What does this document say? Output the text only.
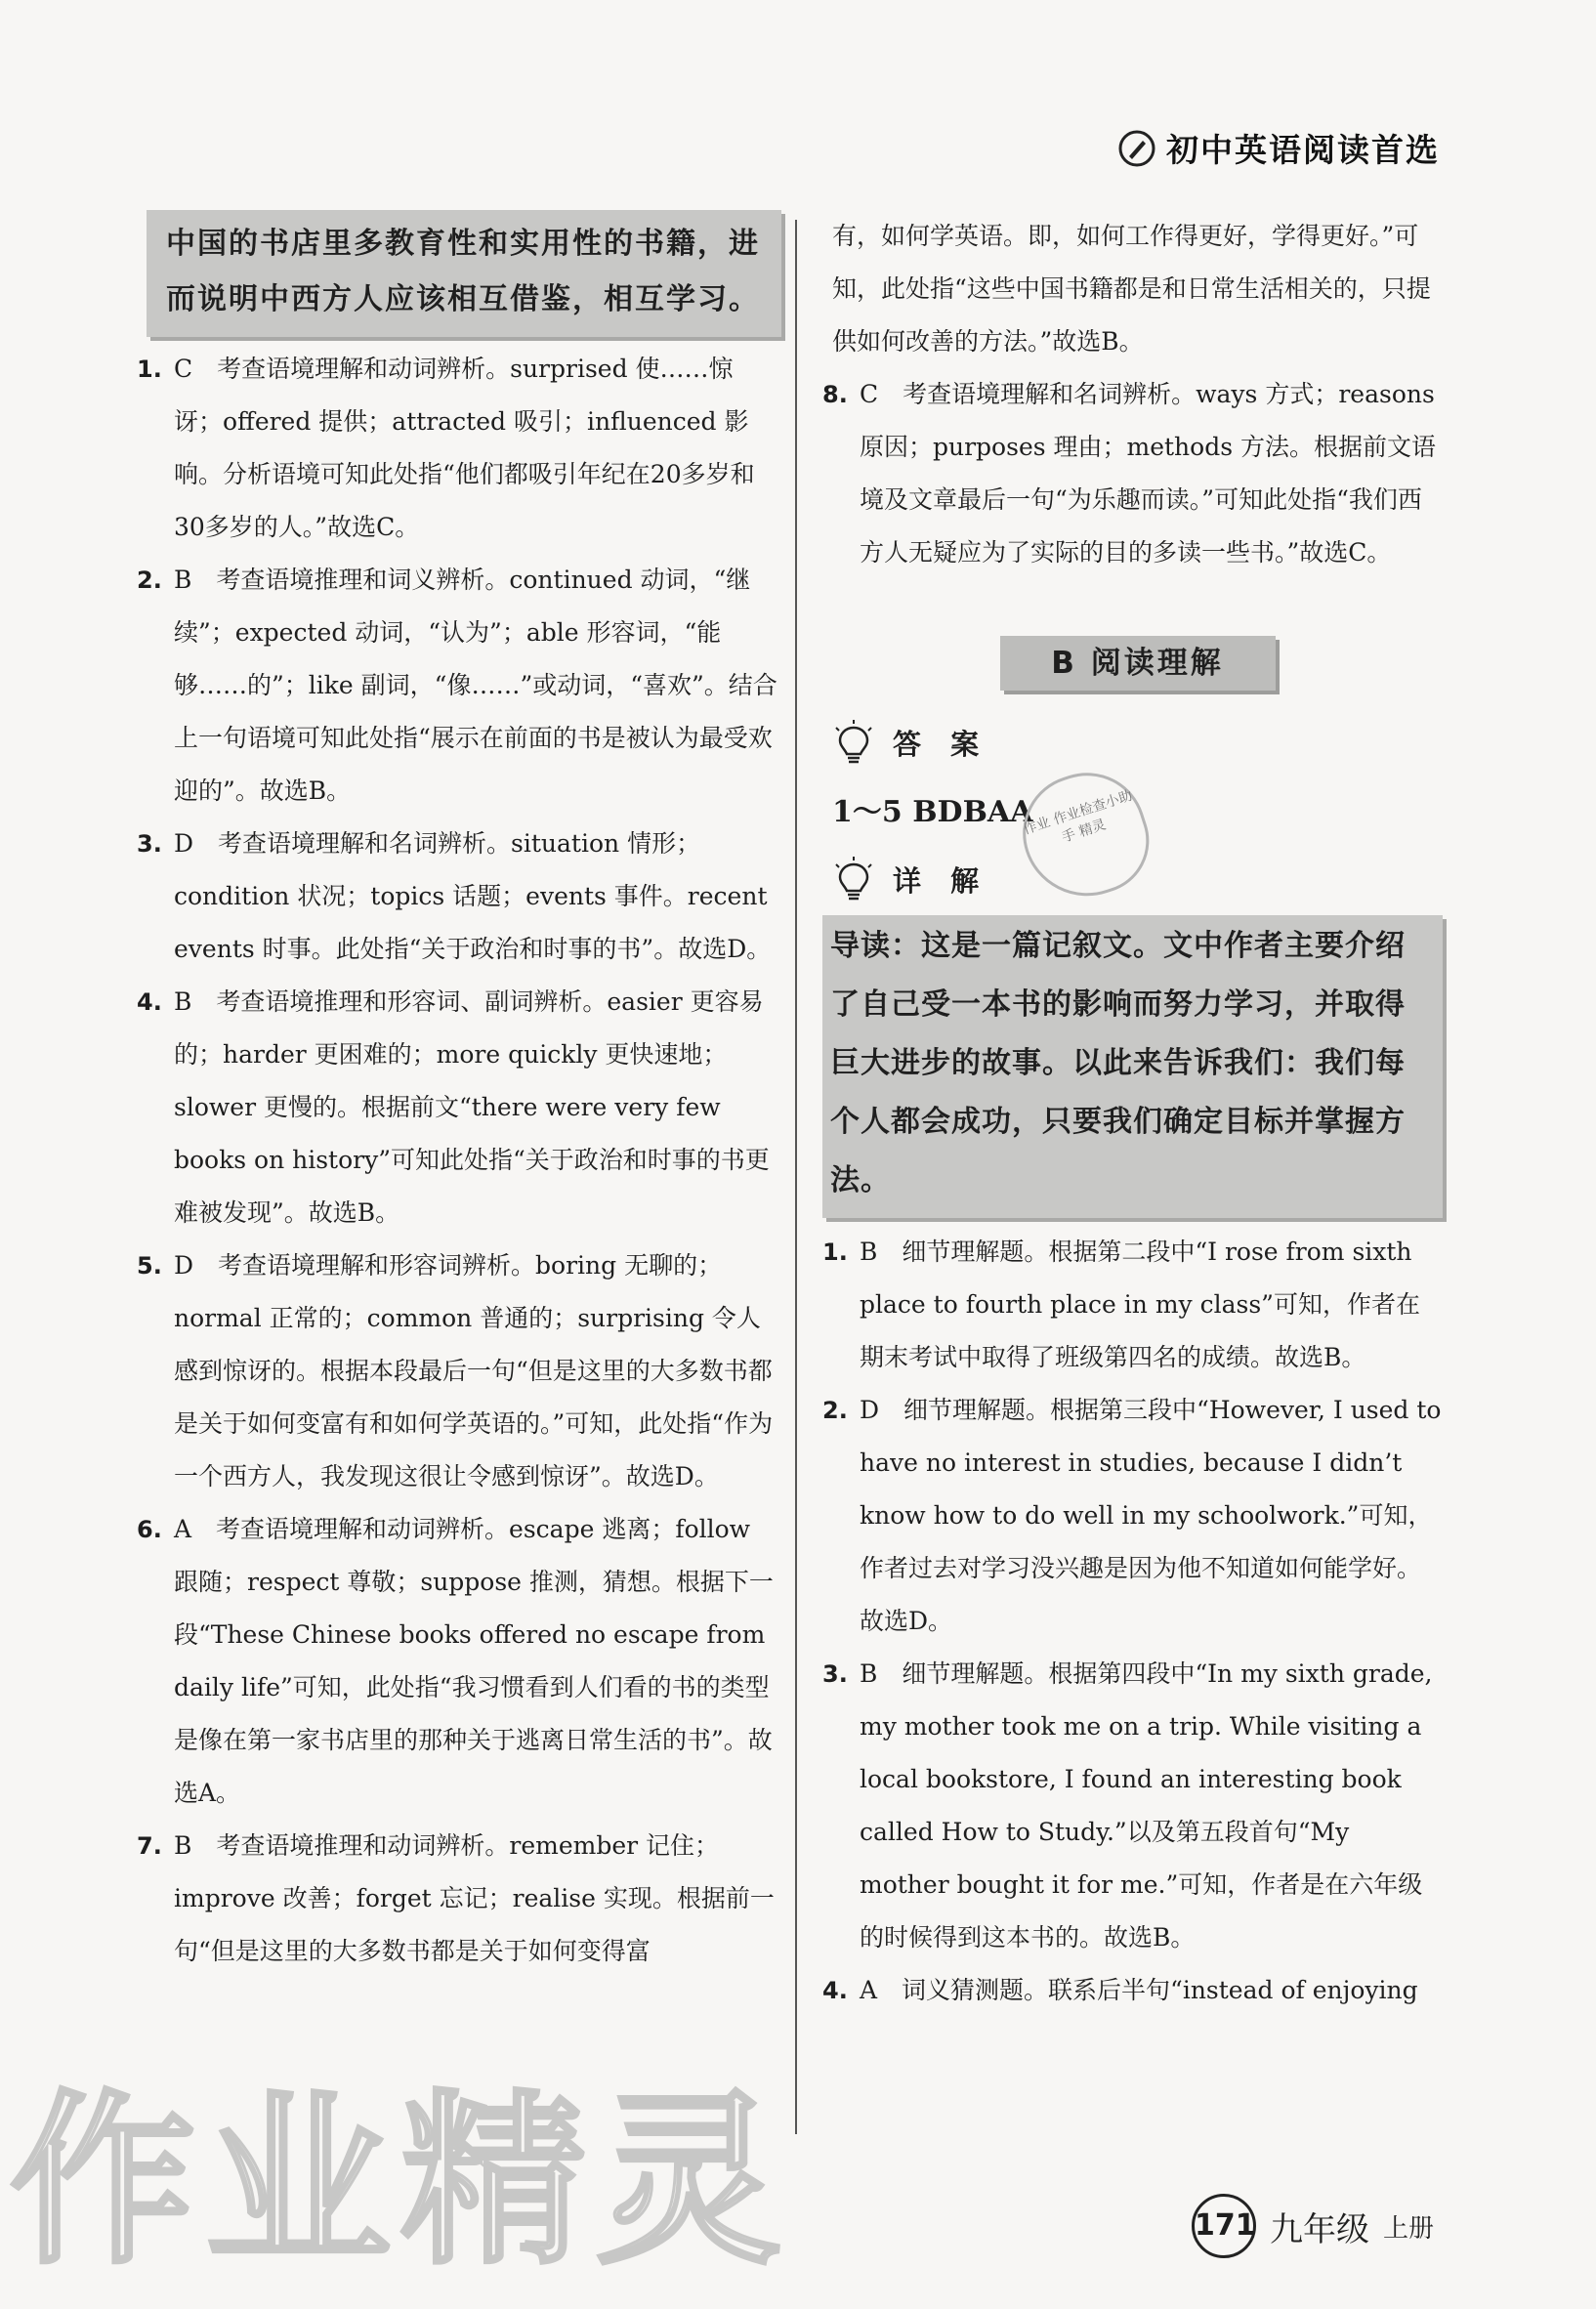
初中英语阅读首选
中国的书店里多教育性和实用性的书籍，进而说明中西方人应该相互借鉴，相互学习。
1. C　考查语境理解和动词辨析。surprised 使……惊讶；offered 提供；attracted 吸引；influenced 影响。分析语境可知此处指“他们都吸引年纪在20多岁和30多岁的人。”故选C。
2. B　考查语境推理和词义辨析。continued 动词，“继续”；expected 动词，“认为”；able 形容词，“能够……的”；like 副词，“像……”或动词，“喜欢”。结合上一句语境可知此处指“展示在前面的书是被认为最受欢迎的”。故选B。
3. D　考查语境理解和名词辨析。situation 情形；condition 状况；topics 话题；events 事件。recent events 时事。此处指“关于政治和时事的书”。故选D。
4. B　考查语境推理和形容词、副词辨析。easier 更容易的；harder 更困难的；more quickly 更快速地；slower 更慢的。根据前文“there were very few books on history”可知此处指“关于政治和时事的书更难被发现”。故选B。
5. D　考查语境理解和形容词辨析。boring 无聊的；normal 正常的；common 普通的；surprising 令人感到惊讶的。根据本段最后一句“但是这里的大多数书都是关于如何变富有和如何学英语的。”可知，此处指“作为一个西方人，我发现这很让令感到惊讶”。故选D。
6. A　考查语境理解和动词辨析。escape 逃离；follow 跟随；respect 尊敬；suppose 推测，猜想。根据下一段“These Chinese books offered no escape from daily life”可知，此处指“我习惯看到人们看的书的类型是像在第一家书店里的那种关于逃离日常生活的书”。故选A。
7. B　考查语境推理和动词辨析。remember 记住；improve 改善；forget 忘记；realise 实现。根据前一句“但是这里的大多数书都是关于如何变得富
有，如何学英语。即，如何工作得更好，学得更好。”可知，此处指“这些中国书籍都是和日常生活相关的，只提供如何改善的方法。”故选B。
8. C　考查语境理解和名词辨析。ways 方式；reasons 原因；purposes 理由；methods 方法。根据前文语境及文章最后一句“为乐趣而读。”可知此处指“我们西方人无疑应为了实际的目的多读一些书。”故选C。
B 阅读理解
答 案
1～5 BDBAA
详 解
导读：这是一篇记叙文。文中作者主要介绍了自己受一本书的影响而努力学习，并取得巨大进步的故事。以此来告诉我们：我们每个人都会成功，只要我们确定目标并掌握方法。
1. B　细节理解题。根据第二段中“I rose from sixth place to fourth place in my class”可知，作者在期末考试中取得了班级第四名的成绩。故选B。
2. D　细节理解题。根据第三段中“However, I used to have no interest in studies, because I didn’t know how to do well in my schoolwork.”可知，作者过去对学习没兴趣是因为他不知道如何能学好。故选D。
3. B　细节理解题。根据第四段中“In my sixth grade, my mother took me on a trip. While visiting a local bookstore, I found an interesting book called How to Study.”以及第五段首句“My mother bought it for me.”可知，作者是在六年级的时候得到这本书的。故选B。
4. A　词义猜测题。联系后半句“instead of enjoying
作业 作业检查小助手 精灵
作业精灵	171 九年级 上册
